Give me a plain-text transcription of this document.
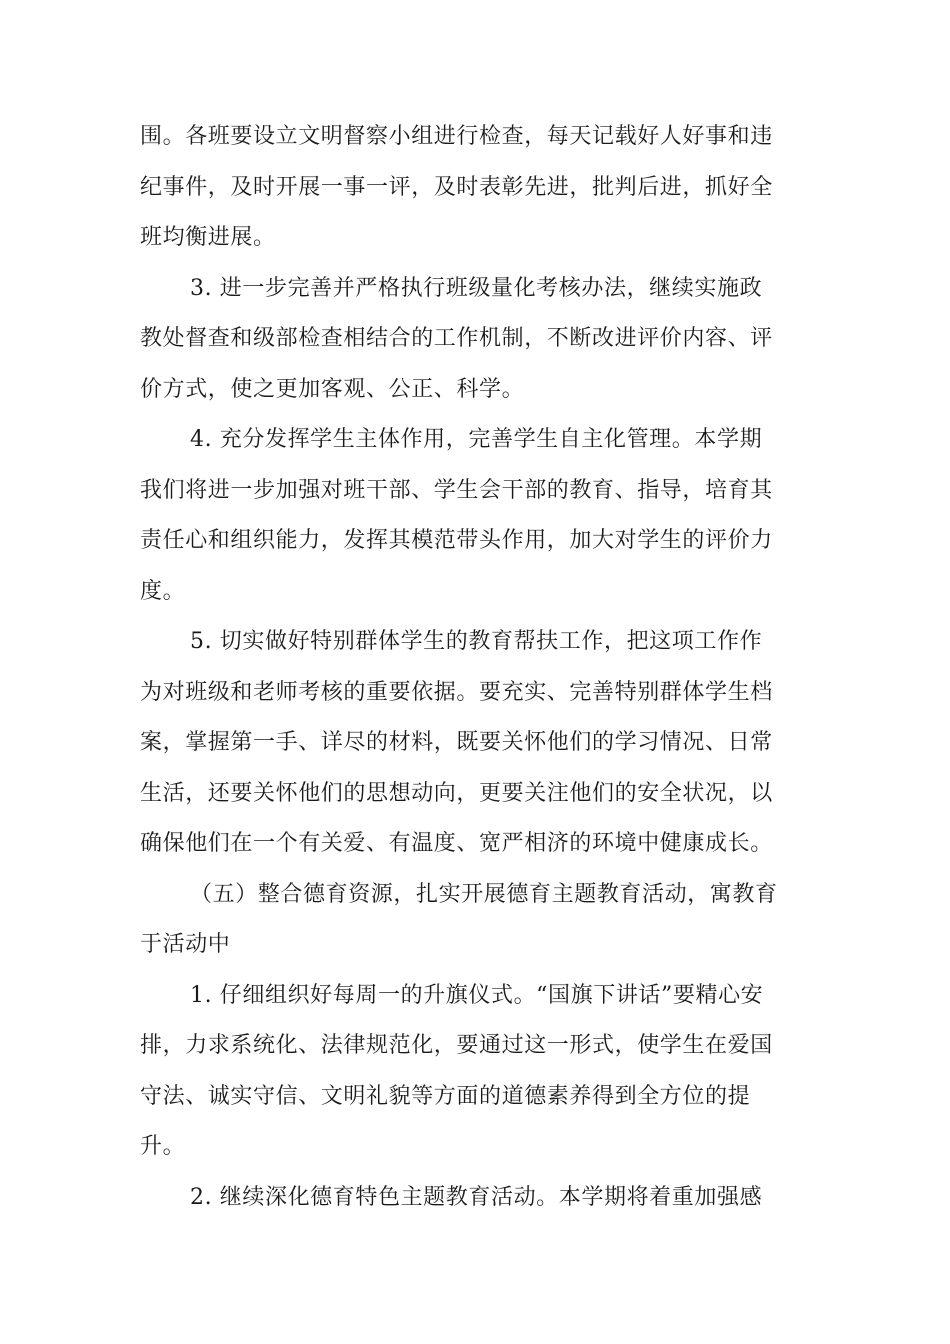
围。各班要设立文明督察小组进行检查，每天记载好人好事和违
纪事件，及时开展一事一评，及时表彰先进，批判后进，抓好全
班均衡进展。
3. 进一步完善并严格执行班级量化考核办法，继续实施政
教处督查和级部检查相结合的工作机制，不断改进评价内容、评
价方式，使之更加客观、公正、科学。
4. 充分发挥学生主体作用，完善学生自主化管理。本学期
我们将进一步加强对班干部、学生会干部的教育、指导，培育其
责任心和组织能力，发挥其模范带头作用，加大对学生的评价力
度。
5. 切实做好特别群体学生的教育帮扶工作，把这项工作作
为对班级和老师考核的重要依据。要充实、完善特别群体学生档
案，掌握第一手、详尽的材料，既要关怀他们的学习情况、日常
生活，还要关怀他们的思想动向，更要关注他们的安全状况，以
确保他们在一个有关爱、有温度、宽严相济的环境中健康成长。
（五）整合德育资源，扎实开展德育主题教育活动，寓教育
于活动中
1. 仔细组织好每周一的升旗仪式。“国旗下讲话”要精心安
排，力求系统化、法律规范化，要通过这一形式，使学生在爱国
守法、诚实守信、文明礼貌等方面的道德素养得到全方位的提
升。
2. 继续深化德育特色主题教育活动。本学期将着重加强感
